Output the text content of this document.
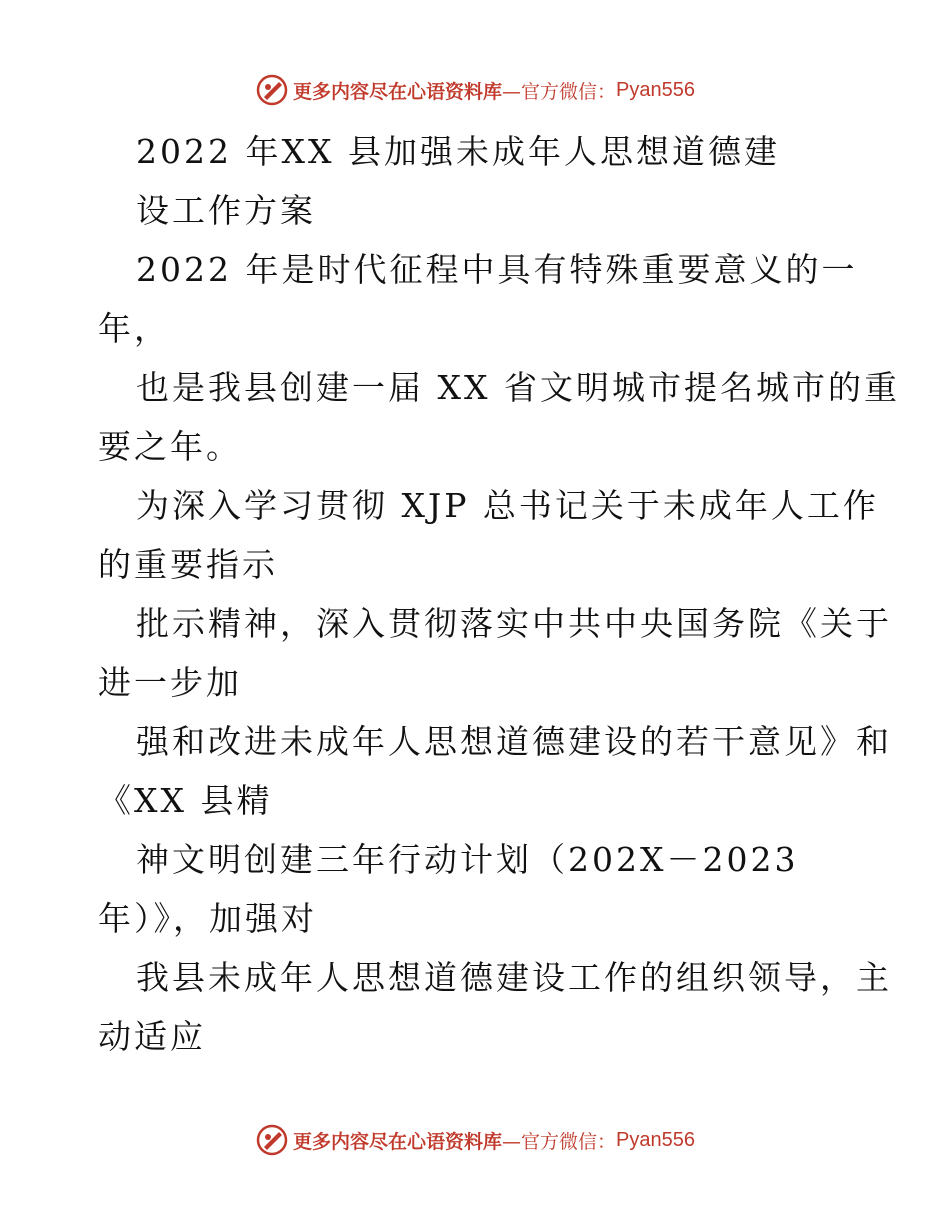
更多内容尽在心语资料库 —官方微信： Pyan556
2022 年XX 县加强未成年人思想道德建
设工作方案
2022 年是时代征程中具有特殊重要意义的一
年，
也是我县创建一届 XX 省文明城市提名城市的重
要之年。
为深入学习贯彻 XJP 总书记关于未成年人工作
的重要指示
批示精神，深入贯彻落实中共中央国务院《关于
进一步加
强和改进未成年人思想道德建设的若干意见》和
《XX 县精
神文明创建三年行动计划（202X－2023
年）》，加强对
我县未成年人思想道德建设工作的组织领导，主
动适应
更多内容尽在心语资料库 —官方微信： Pyan556
